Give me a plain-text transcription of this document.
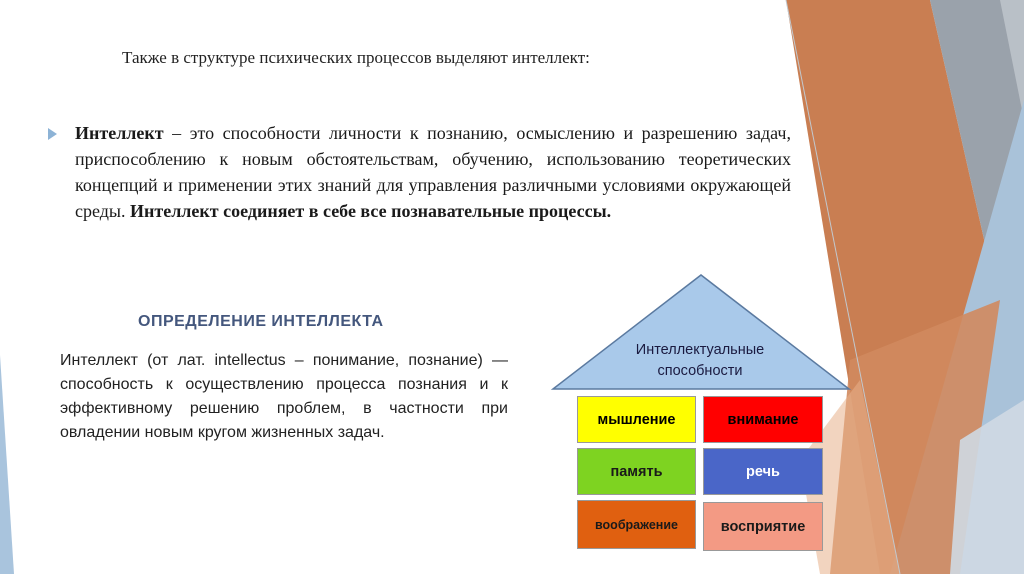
Также в структуре психических процессов выделяют интеллект:
Интеллект – это способности личности к познанию, осмыслению и разрешению задач, приспособлению к новым обстоятельствам, обучению, использованию теоретических концепций и применении этих знаний для управления различными условиями окружающей среды. Интеллект соединяет в себе все познавательные процессы.
ОПРЕДЕЛЕНИЕ ИНТЕЛЛЕКТА
Интеллект (от лат. intellectus – понимание, познание) — способность к осуществлению процесса познания и к эффективному решению проблем, в частности при овладении новым кругом жизненных задач.
Интеллектуальные способности
мышление	внимание
память	речь
воображение	восприятие
